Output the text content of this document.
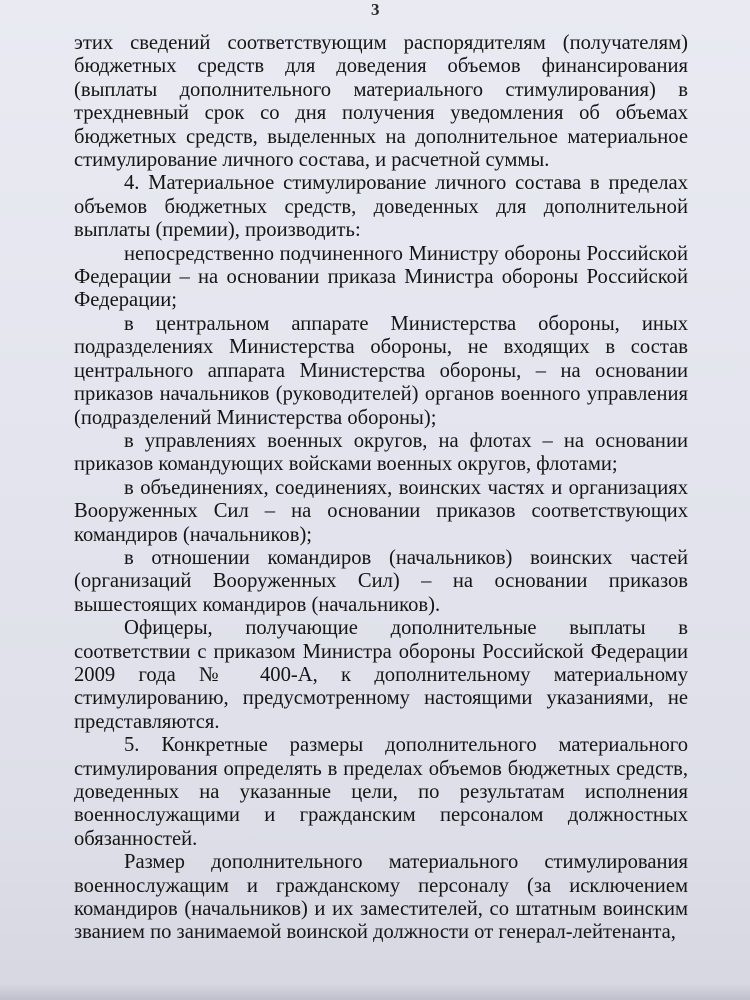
3

этих сведений соответствующим распорядителям (получателям) бюджетных средств для доведения объемов финансирования (выплаты дополнительного материального стимулирования) в трехдневный срок со дня получения уведомления об объемах бюджетных средств, выделенных на дополнительное материальное стимулирование личного состава, и расчетной суммы.

4. Материальное стимулирование личного состава в пределах объемов бюджетных средств, доведенных для дополнительной выплаты (премии), производить:

непосредственно подчиненного Министру обороны Российской Федерации – на основании приказа Министра обороны Российской Федерации;

в центральном аппарате Министерства обороны, иных подразделениях Министерства обороны, не входящих в состав центрального аппарата Министерства обороны, – на основании приказов начальников (руководителей) органов военного управления (подразделений Министерства обороны);

в управлениях военных округов, на флотах – на основании приказов командующих войсками военных округов, флотами;

в объединениях, соединениях, воинских частях и организациях Вооруженных Сил – на основании приказов соответствующих командиров (начальников);

в отношении командиров (начальников) воинских частей (организаций Вооруженных Сил) – на основании приказов вышестоящих командиров (начальников).

Офицеры, получающие дополнительные выплаты в соответствии с приказом Министра обороны Российской Федерации 2009 года № 400-А, к дополнительному материальному стимулированию, предусмотренному настоящими указаниями, не представляются.

5. Конкретные размеры дополнительного материального стимулирования определять в пределах объемов бюджетных средств, доведенных на указанные цели, по результатам исполнения военнослужащими и гражданским персоналом должностных обязанностей.

Размер дополнительного материального стимулирования военнослужащим и гражданскому персоналу (за исключением командиров (начальников) и их заместителей, со штатным воинским званием по занимаемой воинской должности от генерал-лейтенанта,
